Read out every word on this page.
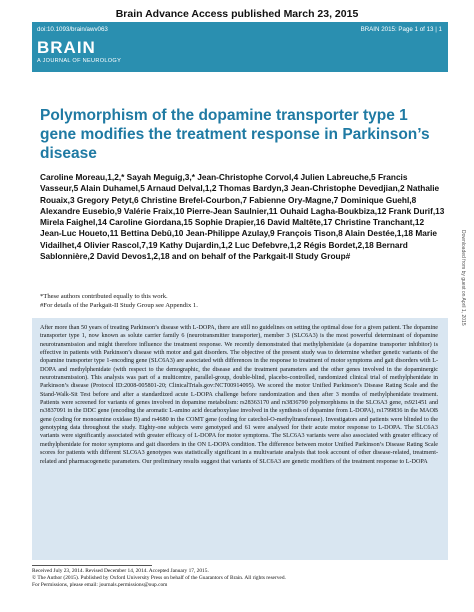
Brain Advance Access published March 23, 2015
doi:10.1093/brain/awv063
BRAIN
A JOURNAL OF NEUROLOGY
BRAIN 2015: Page 1 of 13 | 1
Polymorphism of the dopamine transporter type 1 gene modifies the treatment response in Parkinson’s disease
Caroline Moreau,1,2,* Sayah Meguig,3,* Jean-Christophe Corvol,4 Julien Labreuche,5 Francis Vasseur,5 Alain Duhamel,5 Arnaud Delval,1,2 Thomas Bardyn,3 Jean-Christophe Devedjian,2 Nathalie Rouaix,3 Gregory Petyt,6 Christine Brefel-Courbon,7 Fabienne Ory-Magne,7 Dominique Guehl,8 Alexandre Eusebio,9 Valérie Fraix,10 Pierre-Jean Saulnier,11 Ouhaid Lagha-Boukbiza,12 Frank Durif,13 Mirela Faighel,14 Caroline Giordana,15 Sophie Drapier,16 David Maltête,17 Christine Tranchant,12 Jean-Luc Houeto,11 Bettina Debû,10 Jean-Philippe Azulay,9 François Tison,8 Alain Destée,1,18 Marie Vidailhet,4 Olivier Rascol,7,19 Kathy Dujardin,1,2 Luc Defebvre,1,2 Régis Bordet,2,18 Bernard Sablonnière,2 David Devos1,2,18 and on behalf of the Parkgait-II Study Group#
*These authors contributed equally to this work.
#For details of the Parkgait-II Study Group see Appendix 1.

After more than 50 years of treating Parkinson’s disease with L-DOPA, there are still no guidelines on setting the optimal dose for a given patient. The dopamine transporter type 1, now known as solute carrier family 6 (neurotransmitter transporter), member 3 (SLC6A3) is the most powerful determinant of dopamine neurotransmission and might therefore influence the treatment response. We recently demonstrated that methylphenidate (a dopamine transporter inhibitor) is effective in patients with Parkinson’s disease with motor and gait disorders. The objective of the present study was to determine whether genetic variants of the dopamine transporter type 1-encoding gene (SLC6A3) are associated with differences in the response to treatment of motor symptoms and gait disorders with L-DOPA and methylphenidate (with respect to the demographic, the disease and the treatment parameters and the other genes involved in the dopaminergic neurotransmission). This analysis was part of a multicentre, parallel-group, double-blind, placebo-controlled, randomized clinical trial of methylphenidate in Parkinson’s disease (Protocol ID:2008-005801-20; ClinicalTrials.gov:NCT00914095). We scored the motor Unified Parkinson’s Disease Rating Scale and the Stand-Walk-Sit Test before and after a standardized acute L-DOPA challenge before randomization and then after 3 months of methylphenidate treatment. Patients were screened for variants of genes involved in dopamine metabolism: rs28363170 and rs3836790 polymorphisms in the SLC6A3 gene, rs921451 and rs3837091 in the DDC gene (encoding the aromatic L-amino acid decarboxylase involved in the synthesis of dopamine from L-DOPA), rs1799836 in the MAOB gene (coding for monoamine oxidase B) and rs4680 in the COMT gene (coding for catechol-O-methyltransferase). Investigators and patients were blinded to the genotyping data throughout the study. Eighty-one subjects were genotyped and 61 were analysed for their acute motor response to L-DOPA. The SLC6A3 variants were significantly associated with greater efficacy of L-DOPA for motor symptoms. The SLC6A3 variants were also associated with greater efficacy of methylphenidate for motor symptoms and gait disorders in the ON L-DOPA condition. The difference between motor Unified Parkinson’s Disease Rating Scale scores for patients with different SLC6A3 genotypes was statistically significant in a multivariate analysis that took account of other disease-related, treatment-related and pharmacogenetic parameters. Our preliminary results suggest that variants of SLC6A3 are genetic modifiers of the treatment response to L-DOPA

Received July 23, 2014. Revised December 14, 2014. Accepted January 17, 2015.
© The Author (2015). Published by Oxford University Press on behalf of the Guarantors of Brain. All rights reserved.
For Permissions, please email: journals.permissions@oup.com
Downloaded from by guest on April 1, 2015
